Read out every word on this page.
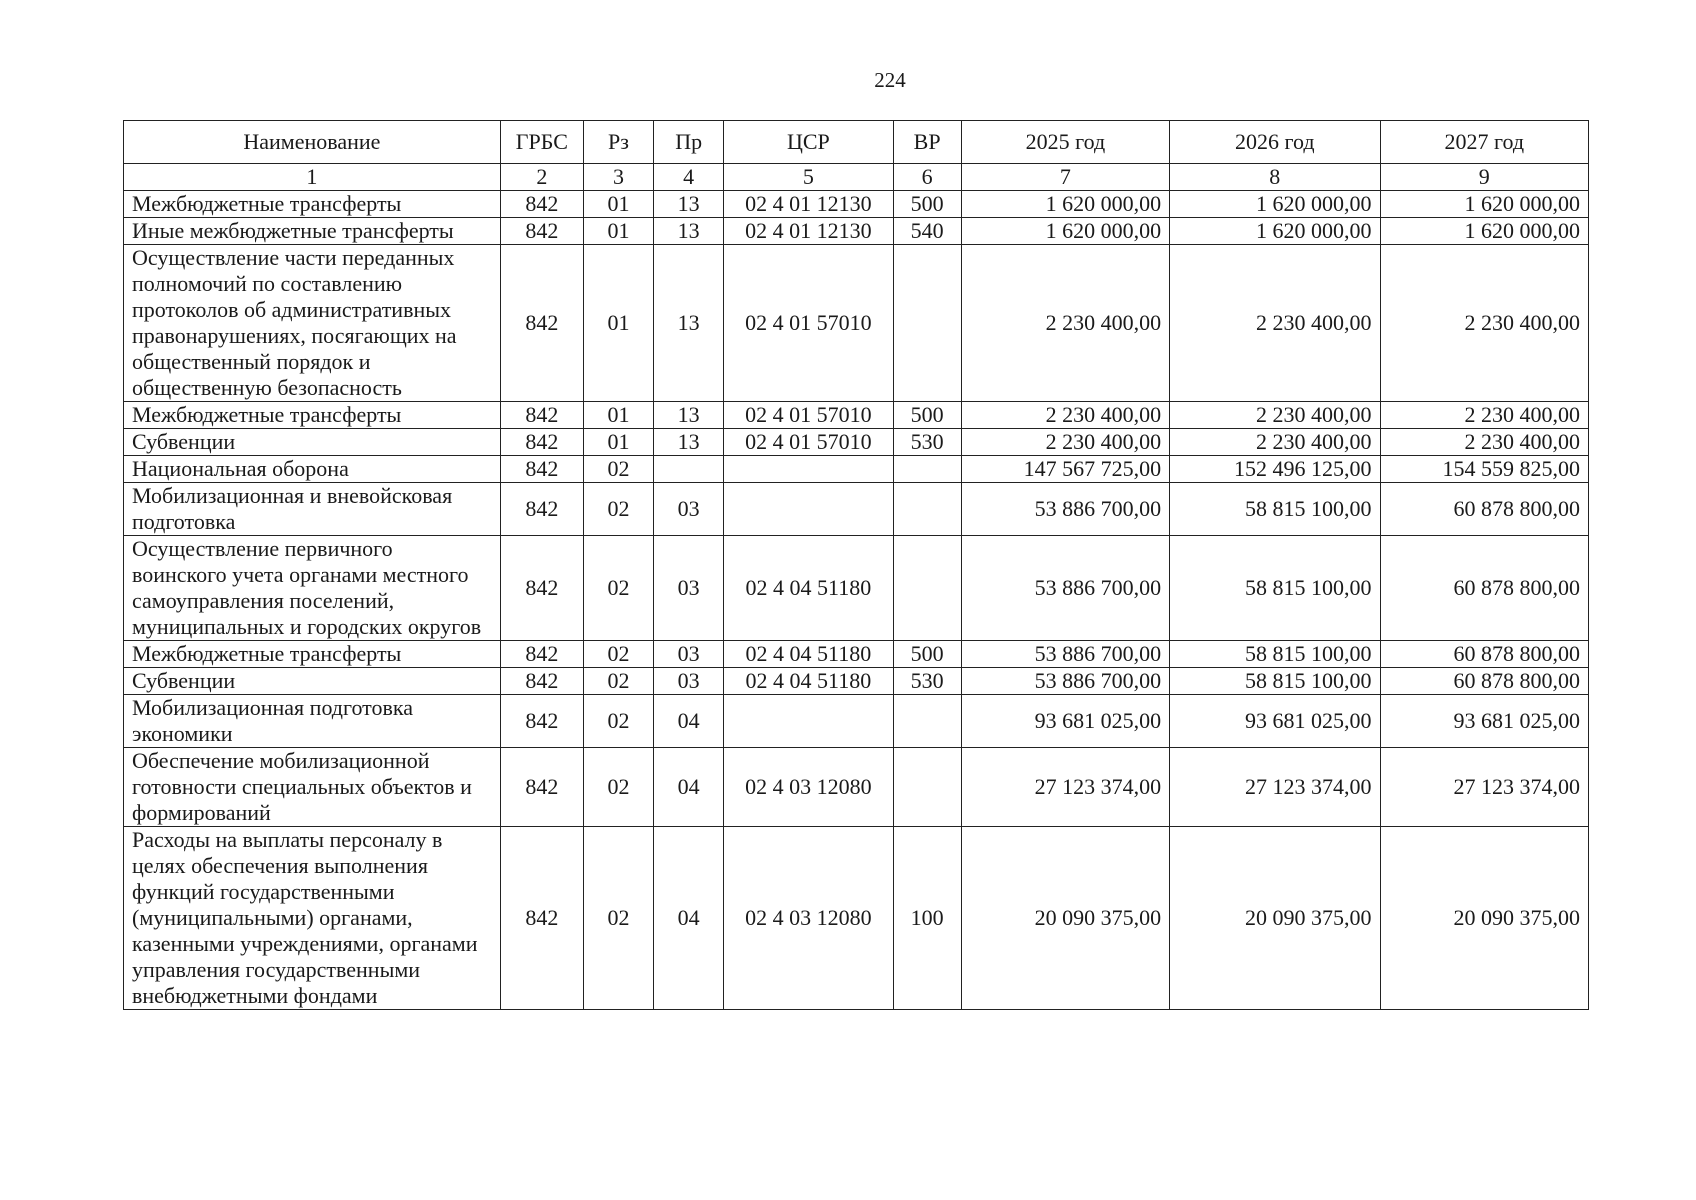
224
Наименование	ГРБС	Рз	Пр	ЦСР	ВР	2025 год	2026 год	2027 год
1	2	3	4	5	6	7	8	9
Межбюджетные трансферты	842	01	13	02 4 01 12130	500	1 620 000,00	1 620 000,00	1 620 000,00
Иные межбюджетные трансферты	842	01	13	02 4 01 12130	540	1 620 000,00	1 620 000,00	1 620 000,00
Осуществление части переданных полномочий по составлению протоколов об административных правонарушениях, посягающих на общественный порядок и общественную безопасность	842	01	13	02 4 01 57010		2 230 400,00	2 230 400,00	2 230 400,00
Межбюджетные трансферты	842	01	13	02 4 01 57010	500	2 230 400,00	2 230 400,00	2 230 400,00
Субвенции	842	01	13	02 4 01 57010	530	2 230 400,00	2 230 400,00	2 230 400,00
Национальная оборона	842	02				147 567 725,00	152 496 125,00	154 559 825,00
Мобилизационная и вневойсковая подготовка	842	02	03			53 886 700,00	58 815 100,00	60 878 800,00
Осуществление первичного воинского учета органами местного самоуправления поселений, муниципальных и городских округов	842	02	03	02 4 04 51180		53 886 700,00	58 815 100,00	60 878 800,00
Межбюджетные трансферты	842	02	03	02 4 04 51180	500	53 886 700,00	58 815 100,00	60 878 800,00
Субвенции	842	02	03	02 4 04 51180	530	53 886 700,00	58 815 100,00	60 878 800,00
Мобилизационная подготовка экономики	842	02	04			93 681 025,00	93 681 025,00	93 681 025,00
Обеспечение мобилизационной готовности специальных объектов и формирований	842	02	04	02 4 03 12080		27 123 374,00	27 123 374,00	27 123 374,00
Расходы на выплаты персоналу в целях обеспечения выполнения функций государственными (муниципальными) органами, казенными учреждениями, органами управления государственными внебюджетными фондами	842	02	04	02 4 03 12080	100	20 090 375,00	20 090 375,00	20 090 375,00
